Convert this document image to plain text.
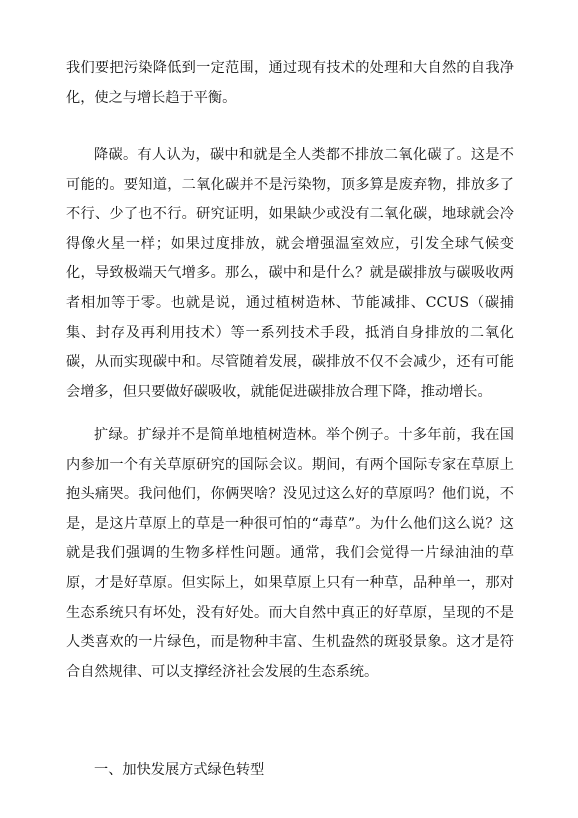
我们要把污染降低到一定范围，通过现有技术的处理和大自然的自我净化，使之与增长趋于平衡。

降碳。有人认为，碳中和就是全人类都不排放二氧化碳了。这是不可能的。要知道，二氧化碳并不是污染物，顶多算是废弃物，排放多了不行、少了也不行。研究证明，如果缺少或没有二氧化碳，地球就会冷得像火星一样；如果过度排放，就会增强温室效应，引发全球气候变化，导致极端天气增多。那么，碳中和是什么？就是碳排放与碳吸收两者相加等于零。也就是说，通过植树造林、节能减排、CCUS（碳捕集、封存及再利用技术）等一系列技术手段，抵消自身排放的二氧化碳，从而实现碳中和。尽管随着发展，碳排放不仅不会减少，还有可能会增多，但只要做好碳吸收，就能促进碳排放合理下降，推动增长。

扩绿。扩绿并不是简单地植树造林。举个例子。十多年前，我在国内参加一个有关草原研究的国际会议。期间，有两个国际专家在草原上抱头痛哭。我问他们，你俩哭啥？没见过这么好的草原吗？他们说，不是，是这片草原上的草是一种很可怕的“毒草”。为什么他们这么说？这就是我们强调的生物多样性问题。通常，我们会觉得一片绿油油的草原，才是好草原。但实际上，如果草原上只有一种草，品种单一，那对生态系统只有坏处，没有好处。而大自然中真正的好草原，呈现的不是人类喜欢的一片绿色，而是物种丰富、生机盎然的斑驳景象。这才是符合自然规律、可以支撑经济社会发展的生态系统。

一、加快发展方式绿色转型
